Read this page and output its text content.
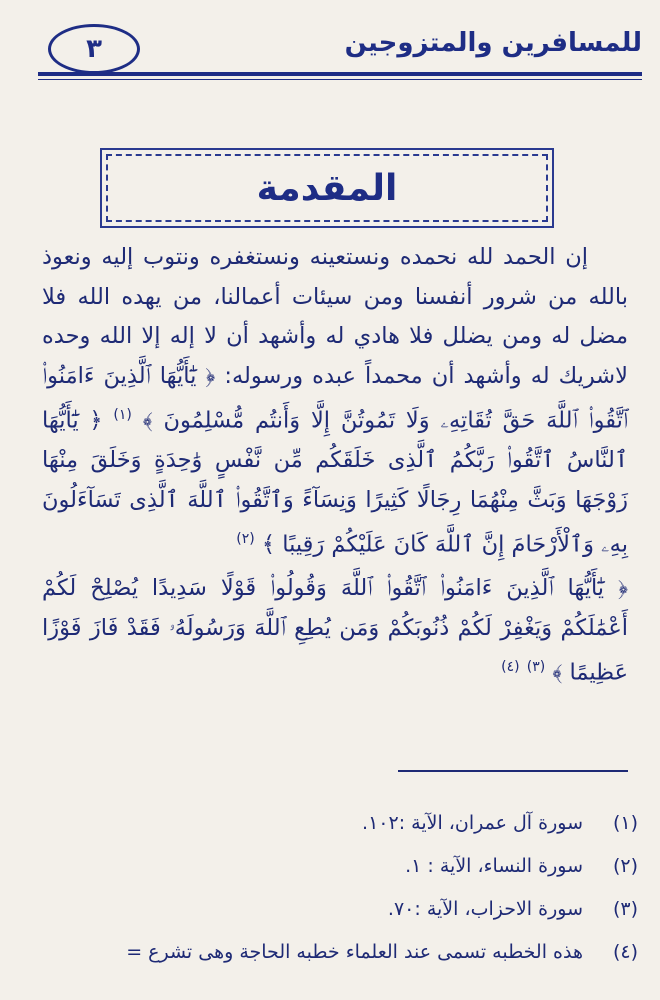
للمسافرين والمتزوجين
٣
المقدمة

إن الحمد لله نحمده ونستعينه ونستغفره ونتوب إليه ونعوذ بالله من شرور أنفسنا ومن سيئات أعمالنا، من يهده الله فلا مضل له ومن يضلل فلا هادي له وأشهد أن لا إله إلا الله وحده لاشريك له وأشهد أن محمداً عبده ورسوله: ﴿ يَٰٓأَيُّهَا ٱلَّذِينَ ءَامَنُوا۟ ٱتَّقُوا۟ ٱللَّهَ حَقَّ تُقَاتِهِۦ وَلَا تَمُوتُنَّ إِلَّا وَأَنتُم مُّسْلِمُونَ ﴾ $^{(١)}$ ﴿ يَٰٓأَيُّهَا ٱلنَّاسُ ٱتَّقُوا۟ رَبَّكُمُ ٱلَّذِى خَلَقَكُم مِّن نَّفْسٍ وَٰحِدَةٍ وَخَلَقَ مِنْهَا زَوْجَهَا وَبَثَّ مِنْهُمَا رِجَالًا كَثِيرًا وَنِسَآءً وَٱتَّقُوا۟ ٱللَّهَ ٱلَّذِى تَسَآءَلُونَ بِهِۦ وَٱلْأَرْحَامَ إِنَّ ٱللَّهَ كَانَ عَلَيْكُمْ رَقِيبًا ﴾ $^{(٢)}$

﴿ يَٰٓأَيُّهَا ٱلَّذِينَ ءَامَنُوا۟ ٱتَّقُوا۟ ٱللَّهَ وَقُولُوا۟ قَوْلًا سَدِيدًا يُصْلِحْ لَكُمْ أَعْمَٰلَكُمْ وَيَغْفِرْ لَكُمْ ذُنُوبَكُمْ وَمَن يُطِعِ ٱللَّهَ وَرَسُولَهُۥ فَقَدْ فَازَ فَوْزًا عَظِيمًا ﴾ $^{(٣)}$ $^{(٤)}$

(١)
سورة آل عمران، الآية :١٠٢.
(٢)
سورة النساء، الآية : ١.
(٣)
سورة الاحزاب، الآية :٧٠.
(٤)
هذه الخطبه تسمى عند العلماء خطبه الحاجة وهى تشرع =
